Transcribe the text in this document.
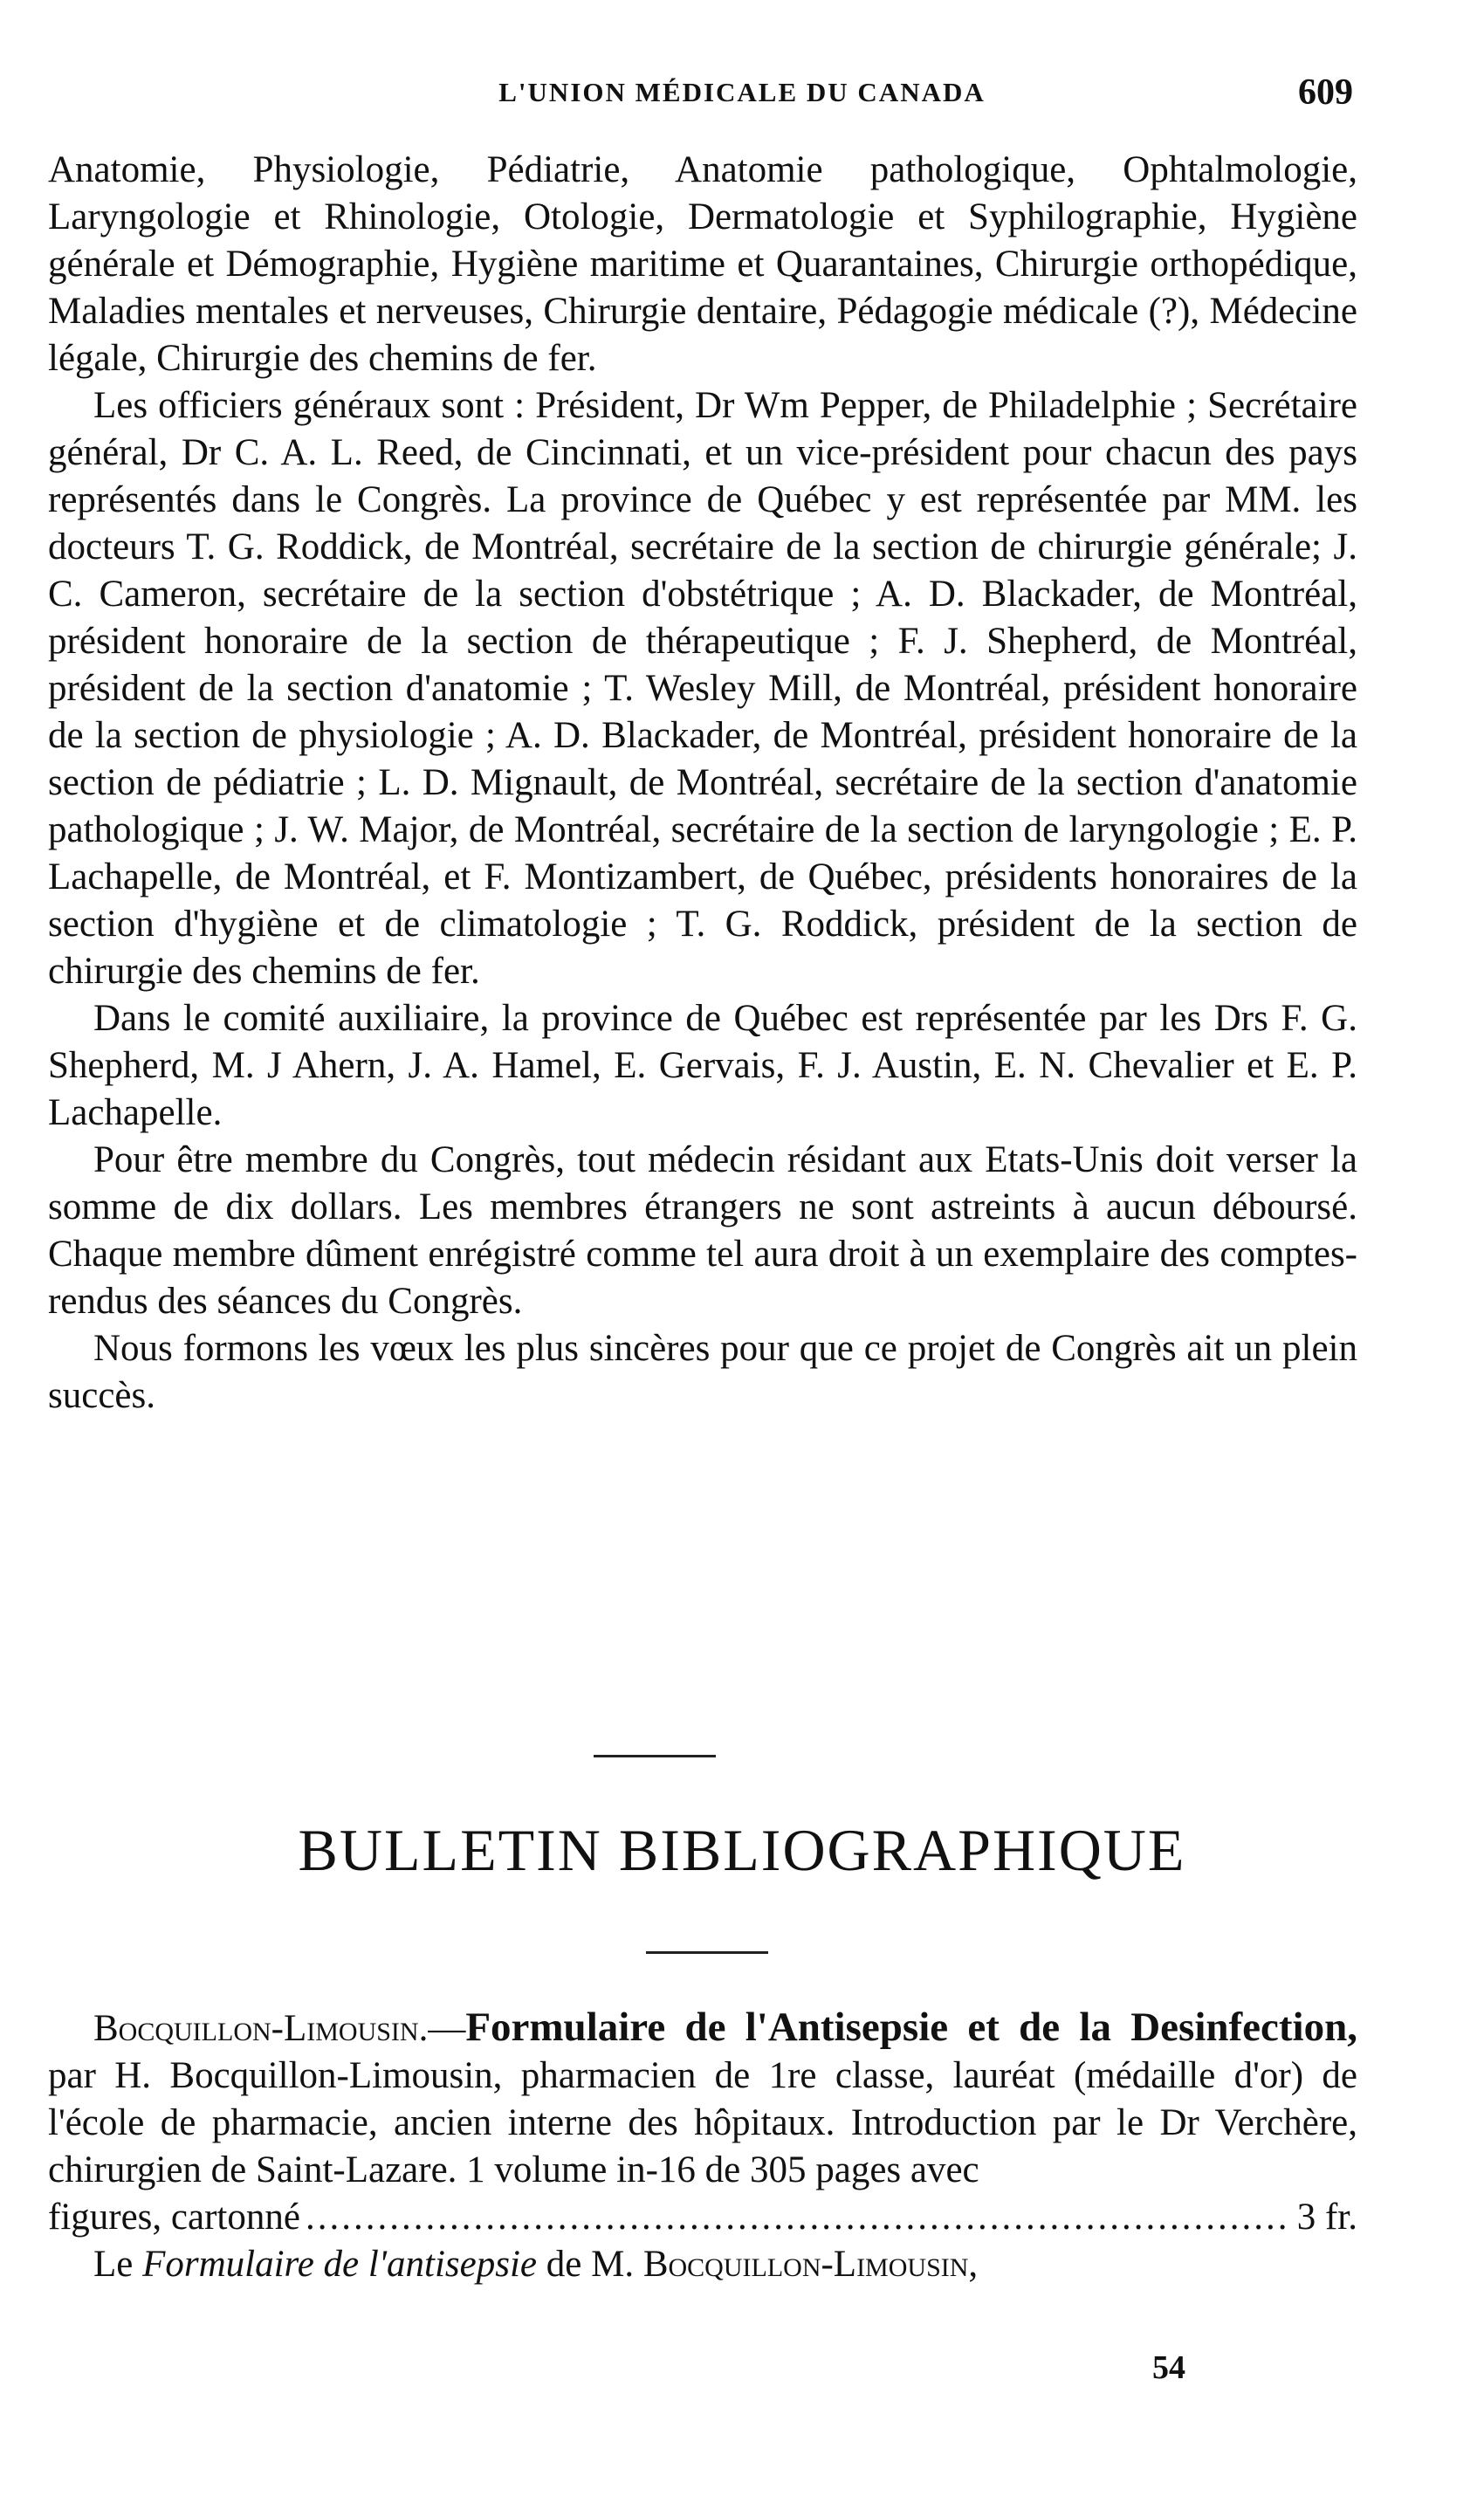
L'UNION MÉDICALE DU CANADA	609

Anatomie, Physiologie, Pédiatrie, Anatomie pathologique, Ophtalmologie, Laryngologie et Rhinologie, Otologie, Dermatologie et Syphilographie, Hygiène générale et Démographie, Hygiène maritime et Quarantaines, Chirurgie orthopédique, Maladies mentales et nerveuses, Chirurgie dentaire, Pédagogie médicale (?), Médecine légale, Chirurgie des chemins de fer.

Les officiers généraux sont : Président, Dr Wm Pepper, de Philadelphie ; Secrétaire général, Dr C. A. L. Reed, de Cincinnati, et un vice-président pour chacun des pays représentés dans le Congrès. La province de Québec y est représentée par MM. les docteurs T. G. Roddick, de Montréal, secrétaire de la section de chirurgie générale; J. C. Cameron, secrétaire de la section d'obstétrique ; A. D. Blackader, de Montréal, président honoraire de la section de thérapeutique ; F. J. Shepherd, de Montréal, président de la section d'anatomie ; T. Wesley Mill, de Montréal, président honoraire de la section de physiologie ; A. D. Blackader, de Montréal, président honoraire de la section de pédiatrie ; L. D. Mignault, de Montréal, secrétaire de la section d'anatomie pathologique ; J. W. Major, de Montréal, secrétaire de la section de laryngologie ; E. P. Lachapelle, de Montréal, et F. Montizambert, de Québec, présidents honoraires de la section d'hygiène et de climatologie ; T. G. Roddick, président de la section de chirurgie des chemins de fer.

Dans le comité auxiliaire, la province de Québec est représentée par les Drs F. G. Shepherd, M. J Ahern, J. A. Hamel, E. Gervais, F. J. Austin, E. N. Chevalier et E. P. Lachapelle.

Pour être membre du Congrès, tout médecin résidant aux Etats-Unis doit verser la somme de dix dollars. Les membres étrangers ne sont astreints à aucun déboursé. Chaque membre dûment enrégistré comme tel aura droit à un exemplaire des comptes-rendus des séances du Congrès.

Nous formons les vœux les plus sincères pour que ce projet de Congrès ait un plein succès.

BULLETIN BIBLIOGRAPHIQUE

Bocquillon-Limousin.—Formulaire de l'Antisepsie et de la Desinfection, par H. Bocquillon-Limousin, pharmacien de 1re classe, lauréat (médaille d'or) de l'école de pharmacie, ancien interne des hôpitaux. Introduction par le Dr Verchère, chirurgien de Saint-Lazare. 1 volume in-16 de 305 pages avec

figures, cartonné
.....	3 fr.

Le Formulaire de l'antisepsie de M. Bocquillon-Limousin,

54
